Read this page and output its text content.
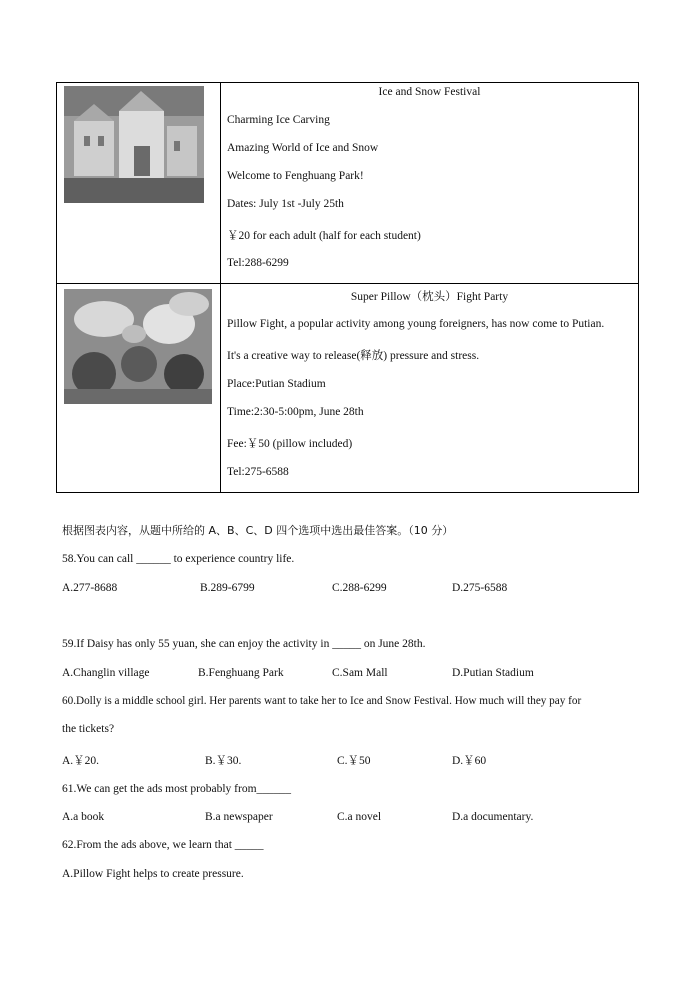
Ice and Snow Festival
Charming Ice Carving
Amazing World of Ice and Snow
Welcome to Fenghuang Park!
Dates: July 1st -July 25th
￥20 for each adult (half for each student)
Tel:288-6299
Super Pillow（枕头）Fight Party
Pillow Fight, a popular activity among young foreigners, has now come to Putian.
It's a creative way to release(释放) pressure and stress.
Place:Putian Stadium
Time:2:30-5:00pm, June 28th
Fee:￥50 (pillow included)
Tel:275-6588
根据图表内容，从题中所给的 A、B、C、D 四个选项中选出最佳答案。（10 分）
58.You can call ______ to experience country life.
A.277-8688	B.289-6799	C.288-6299	D.275-6588
59.If Daisy has only 55 yuan, she can enjoy the activity in _____ on June 28th.
A.Changlin village	B.Fenghuang Park	C.Sam Mall	D.Putian Stadium
60.Dolly is a middle school girl. Her parents want to take her to Ice and Snow Festival. How much will they pay for
the tickets?
A.￥20.	B.￥30.	C.￥50	D.￥60
61.We can get the ads most probably from______
A.a book	B.a newspaper	C.a novel	D.a documentary.
62.From the ads above, we learn that _____
A.Pillow Fight helps to create pressure.
